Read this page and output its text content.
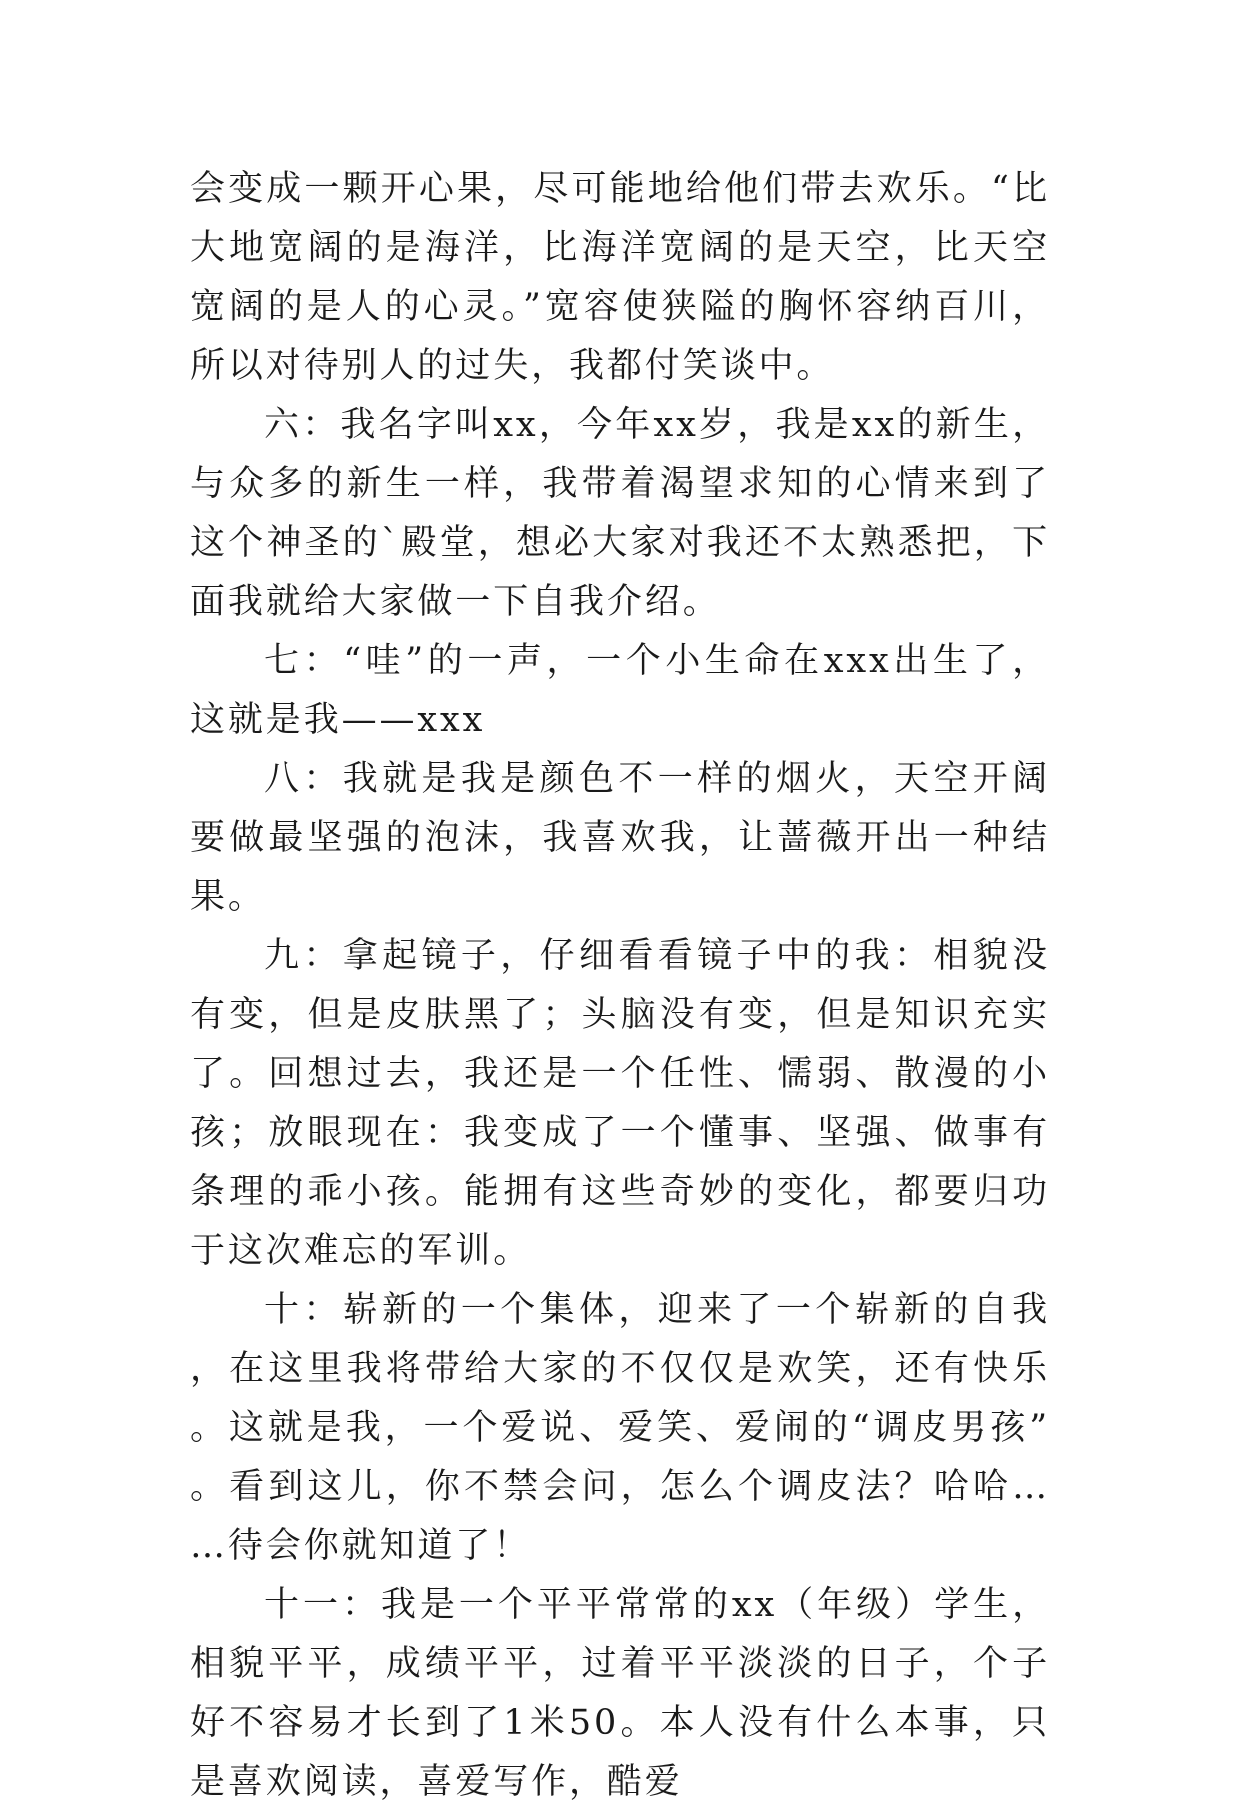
会变成一颗开心果，尽可能地给他们带去欢乐。“比大地宽阔的是海洋，比海洋宽阔的是天空，比天空宽阔的是人的心灵。”宽容使狭隘的胸怀容纳百川，所以对待别人的过失，我都付笑谈中。

六：我名字叫xx，今年xx岁，我是xx的新生，与众多的新生一样，我带着渴望求知的心情来到了这个神圣的`殿堂，想必大家对我还不太熟悉把，下面我就给大家做一下自我介绍。

七：“哇”的一声，一个小生命在xxx出生了，这就是我——xxx

八：我就是我是颜色不一样的烟火，天空开阔要做最坚强的泡沫，我喜欢我，让蔷薇开出一种结果。

九：拿起镜子，仔细看看镜子中的我：相貌没有变，但是皮肤黑了；头脑没有变，但是知识充实了。回想过去，我还是一个任性、懦弱、散漫的小孩；放眼现在：我变成了一个懂事、坚强、做事有条理的乖小孩。能拥有这些奇妙的变化，都要归功于这次难忘的军训。

十：崭新的一个集体，迎来了一个崭新的自我，在这里我将带给大家的不仅仅是欢笑，还有快乐。这就是我，一个爱说、爱笑、爱闹的“调皮男孩”。看到这儿，你不禁会问，怎么个调皮法？哈哈……待会你就知道了！

十一：我是一个平平常常的xx（年级）学生，相貌平平，成绩平平，过着平平淡淡的日子，个子好不容易才长到了1米50。本人没有什么本事，只是喜欢阅读，喜爱写作，酷爱
